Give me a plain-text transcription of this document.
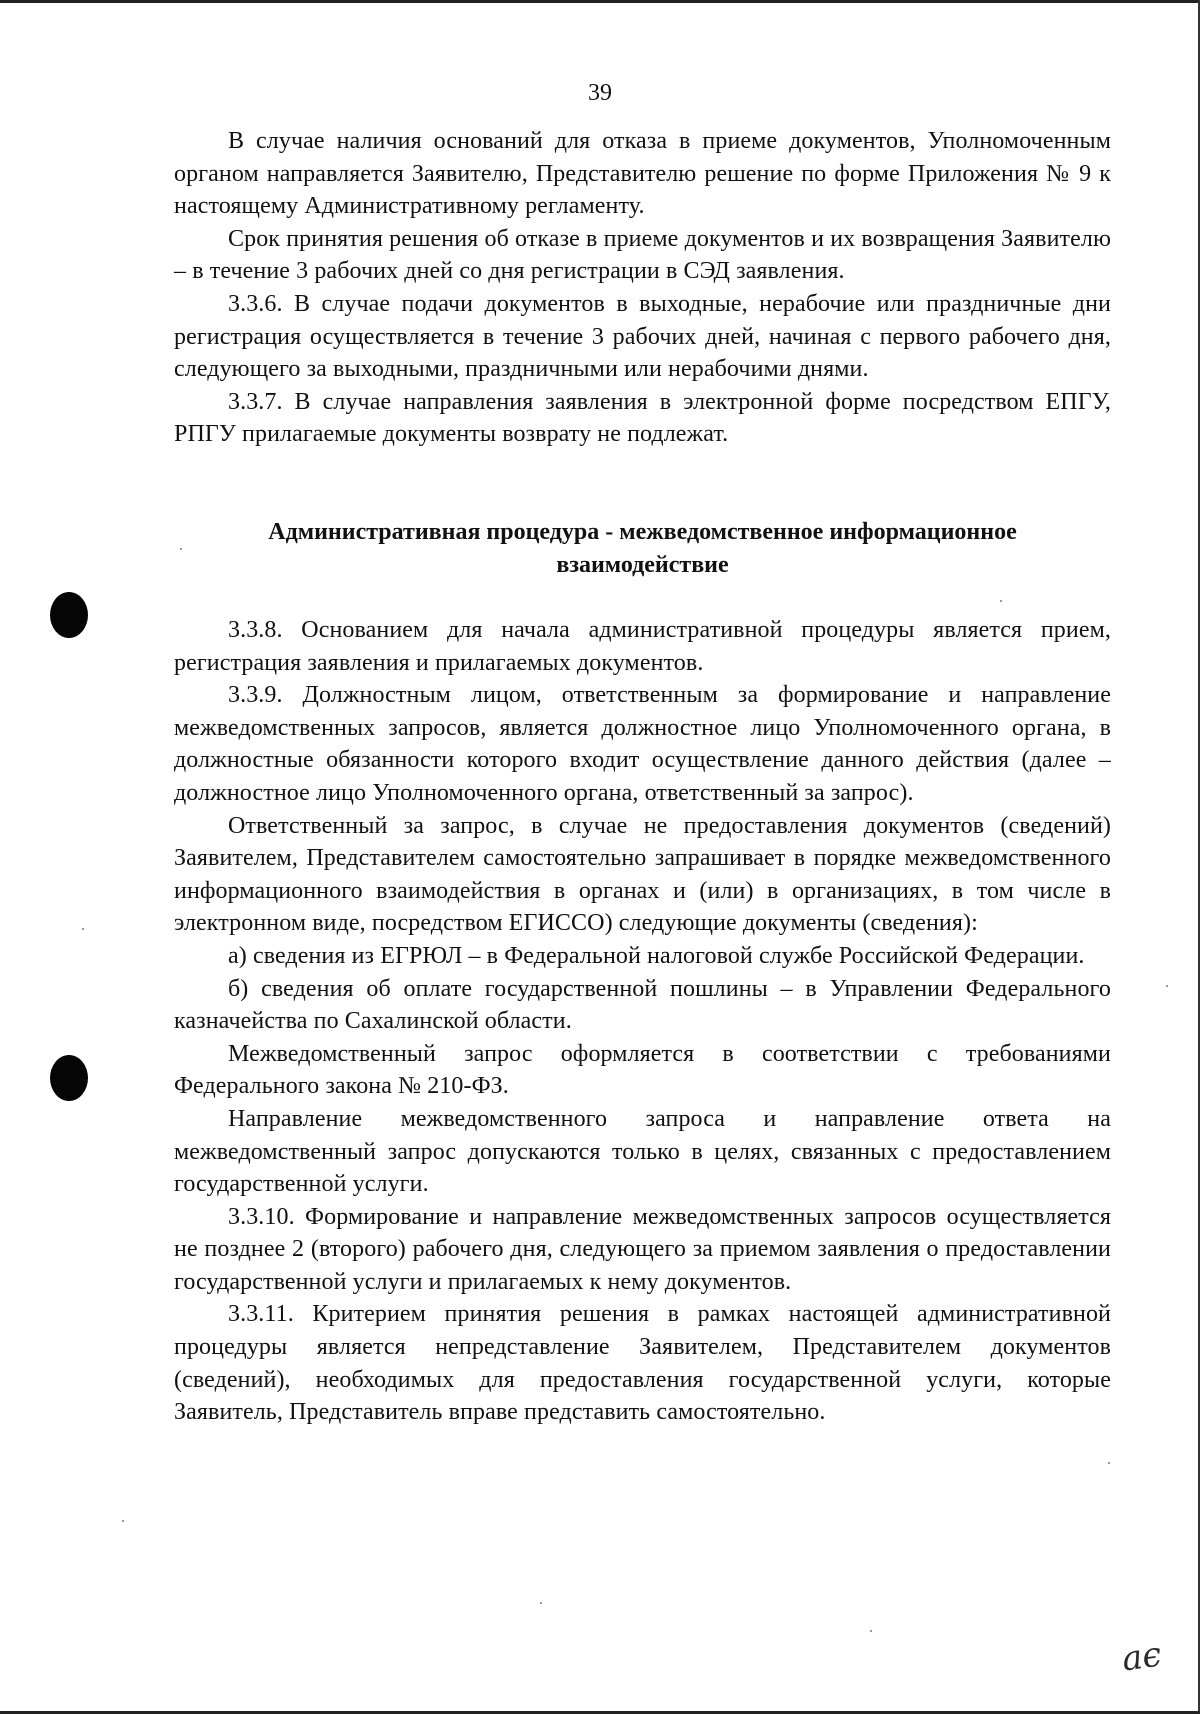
39

В случае наличия оснований для отказа в приеме документов, Уполномоченным органом направляется Заявителю, Представителю решение по форме Приложения № 9 к настоящему Административному регламенту.

Срок принятия решения об отказе в приеме документов и их возвращения Заявителю – в течение 3 рабочих дней со дня регистрации в СЭД заявления.

3.3.6. В случае подачи документов в выходные, нерабочие или праздничные дни регистрация осуществляется в течение 3 рабочих дней, начиная с первого рабочего дня, следующего за выходными, праздничными или нерабочими днями.

3.3.7. В случае направления заявления в электронной форме посредством ЕПГУ, РПГУ прилагаемые документы возврату не подлежат.

Административная процедура - межведомственное информационное
взаимодействие

3.3.8. Основанием для начала административной процедуры является прием, регистрация заявления и прилагаемых документов.

3.3.9. Должностным лицом, ответственным за формирование и направление межведомственных запросов, является должностное лицо Уполномоченного органа, в должностные обязанности которого входит осуществление данного действия (далее – должностное лицо Уполномоченного органа, ответственный за запрос).

Ответственный за запрос, в случае не предоставления документов (сведений) Заявителем, Представителем самостоятельно запрашивает в порядке межведомственного информационного взаимодействия в органах и (или) в организациях, в том числе в электронном виде, посредством ЕГИССО) следующие документы (сведения):

а) сведения из ЕГРЮЛ – в Федеральной налоговой службе Российской Федерации.

б) сведения об оплате государственной пошлины – в Управлении Федерального казначейства по Сахалинской области.

Межведомственный запрос оформляется в соответствии с требованиями Федерального закона № 210-ФЗ.

Направление межведомственного запроса и направление ответа на межведомственный запрос допускаются только в целях, связанных с предоставлением государственной услуги.

3.3.10. Формирование и направление межведомственных запросов осуществляется не позднее 2 (второго) рабочего дня, следующего за приемом заявления о предоставлении государственной услуги и прилагаемых к нему документов.

3.3.11. Критерием принятия решения в рамках настоящей административной процедуры является непредставление Заявителем, Представителем документов (сведений), необходимых для предоставления государственной услуги, которые Заявитель, Представитель вправе представить самостоятельно.

ає
